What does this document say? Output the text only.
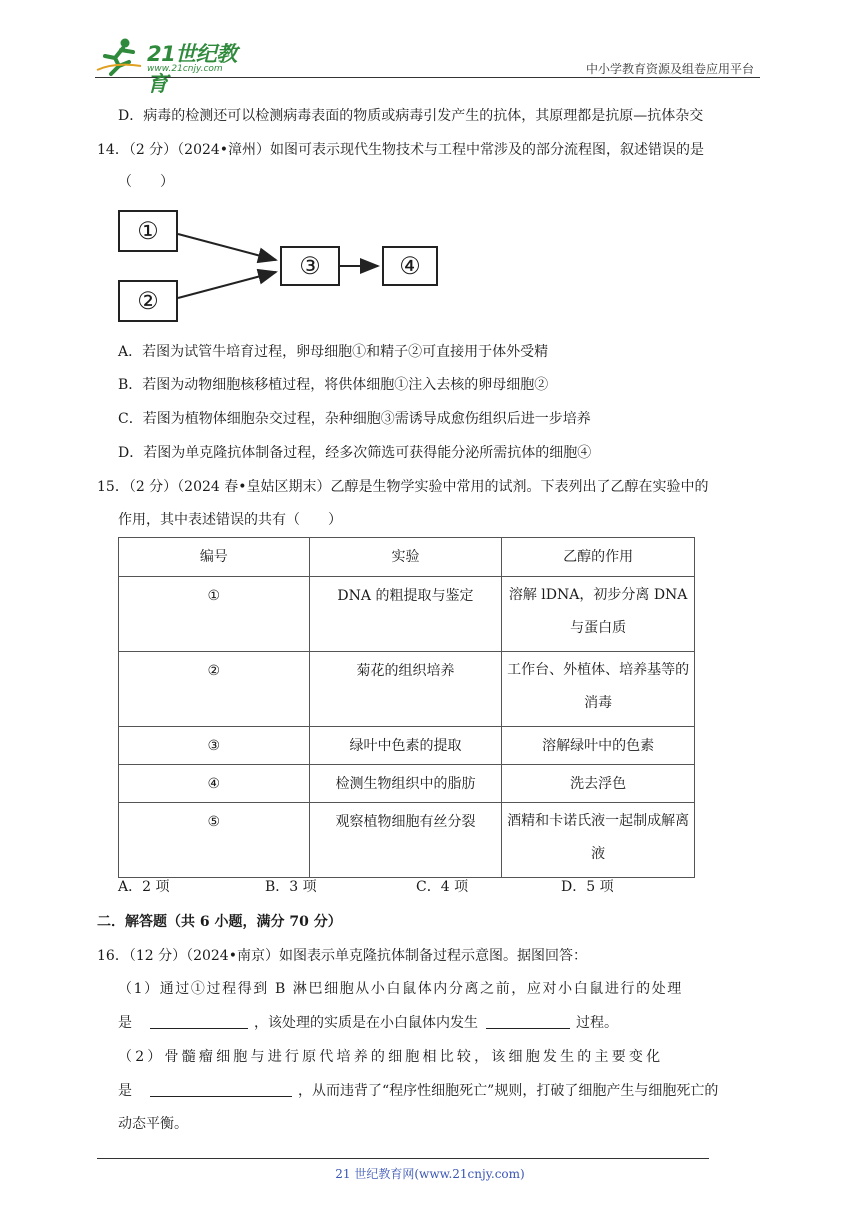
21世纪教育
www.21cnjy.com	中小学教育资源及组卷应用平台
D．病毒的检测还可以检测病毒表面的物质或病毒引发产生的抗体，其原理都是抗原—抗体杂交
14．（2 分）（2024•漳州）如图可表示现代生物技术与工程中常涉及的部分流程图，叙述错误的是
（　　）
①
②
③	④
A．若图为试管牛培育过程，卵母细胞①和精子②可直接用于体外受精
B．若图为动物细胞核移植过程，将供体细胞①注入去核的卵母细胞②
C．若图为植物体细胞杂交过程，杂种细胞③需诱导成愈伤组织后进一步培养
D．若图为单克隆抗体制备过程，经多次筛选可获得能分泌所需抗体的细胞④
15．（2 分）（2024 春•皇姑区期末）乙醇是生物学实验中常用的试剂。下表列出了乙醇在实验中的
作用，其中表述错误的共有（　　）
编号	实验	乙醇的作用
①	DNA 的粗提取与鉴定	溶解 lDNA，初步分离 DNA 与蛋白质
②	菊花的组织培养	工作台、外植体、培养基等的消毒
③	绿叶中色素的提取	溶解绿叶中的色素
④	检测生物组织中的脂肪	洗去浮色
⑤	观察植物细胞有丝分裂	酒精和卡诺氏液一起制成解离液
A．2 项	B．3 项	C．4 项	D．5 项
二．解答题（共 6 小题，满分 70 分）
16．（12 分）（2024•南京）如图表示单克隆抗体制备过程示意图。据图回答：
（1）通过①过程得到 B 淋巴细胞从小白鼠体内分离之前，应对小白鼠进行的处理
是	，该处理的实质是在小白鼠体内发生	过程。
（2）骨髓瘤细胞与进行原代培养的细胞相比较，该细胞发生的主要变化
是	，从而违背了“程序性细胞死亡”规则，打破了细胞产生与细胞死亡的
动态平衡。
21 世纪教育网(www.21cnjy.com)
